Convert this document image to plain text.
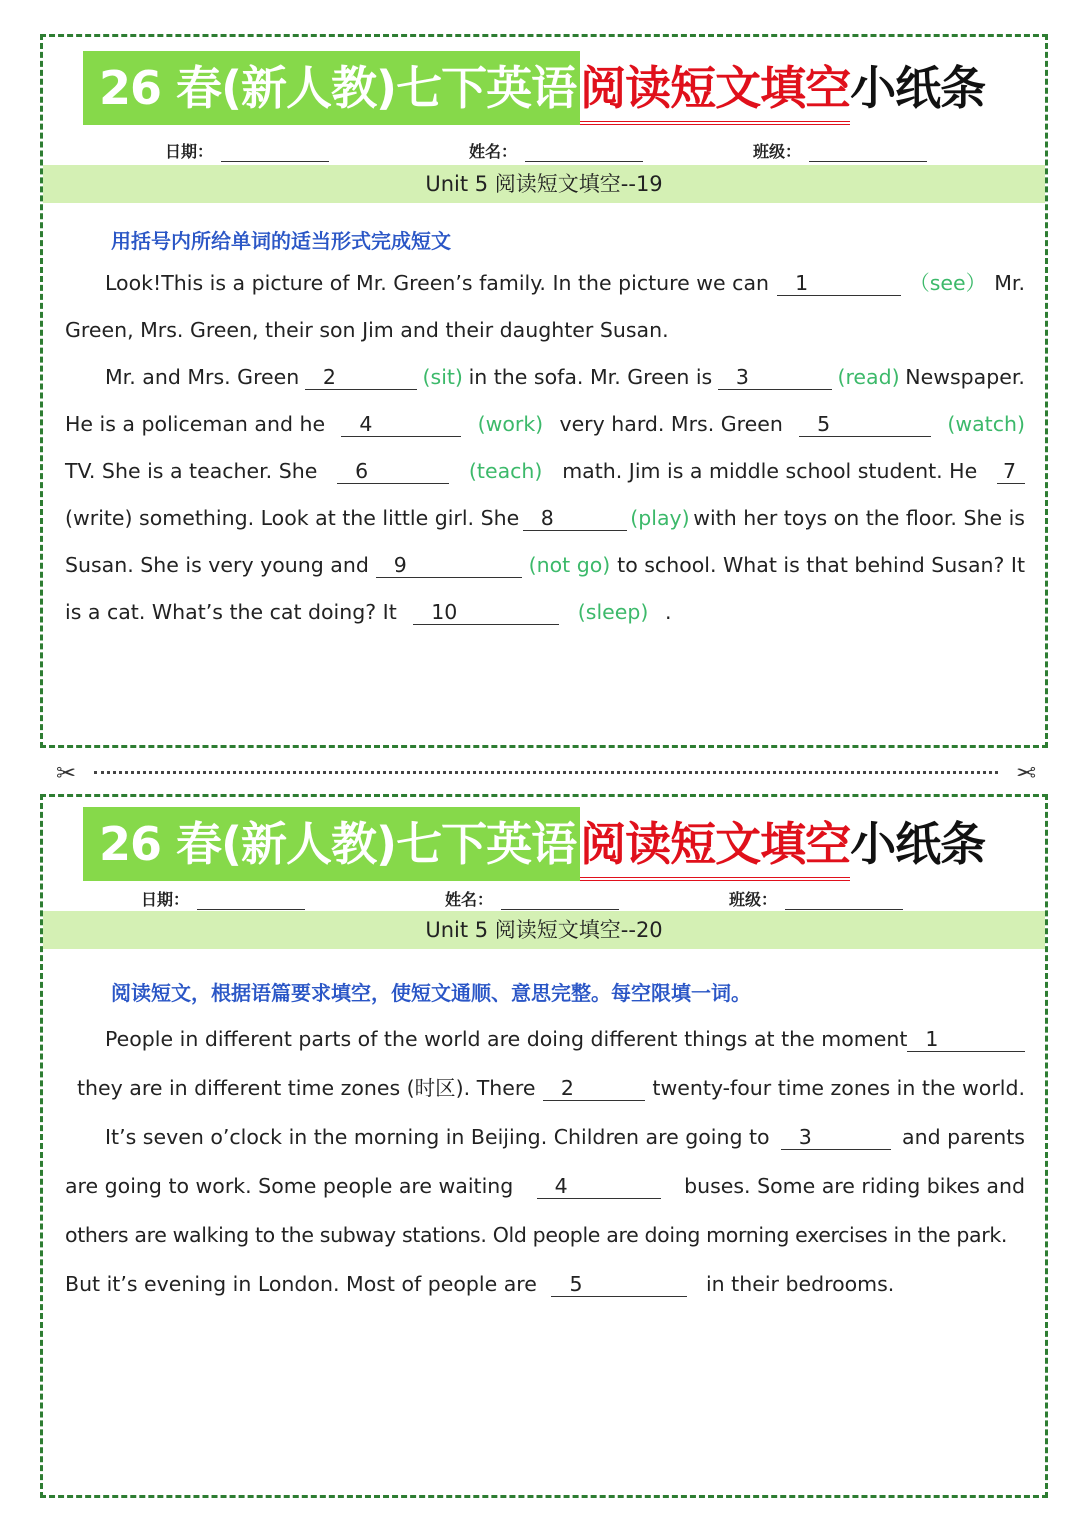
26 春(新人教)七下英语 阅读短文填空 小纸条
日期：	姓名：	班级：
Unit 5 阅读短文填空--19
用括号内所给单词的适当形式完成短文
Look!This is a picture of Mr. Green’s family. In the picture we can	1	（see） Mr.
Green, Mrs. Green, their son Jim and their daughter Susan.
Mr. and Mrs. Green	2	(sit) in the sofa. Mr. Green is	3	(read) Newspaper.
He is a policeman and he	4	(work) very hard. Mrs. Green	5	(watch)
TV. She is a teacher. She	6	(teach) math. Jim is a middle school student. He 7
(write) something. Look at the little girl. She	8	(play) with her toys on the floor. She is
Susan. She is very young and	9	(not go) to school. What is that behind Susan? It
is a cat. What’s the cat doing? It 10	(sleep) .
✂	✂
26 春(新人教)七下英语 阅读短文填空 小纸条
日期：	姓名：	班级：
Unit 5 阅读短文填空--20
阅读短文，根据语篇要求填空，使短文通顺、意思完整。每空限填一词。
People in different parts of the world are doing different things at the moment 1
they are in different time zones (时区). There	2	twenty-four time zones in the world.
It’s seven o’clock in the morning in Beijing. Children are going to	3	and parents
are going to work. Some people are waiting	4	buses. Some are riding bikes and
others are walking to the subway stations. Old people are doing morning exercises in the park.
But it’s evening in London. Most of people are 5	in their bedrooms.
